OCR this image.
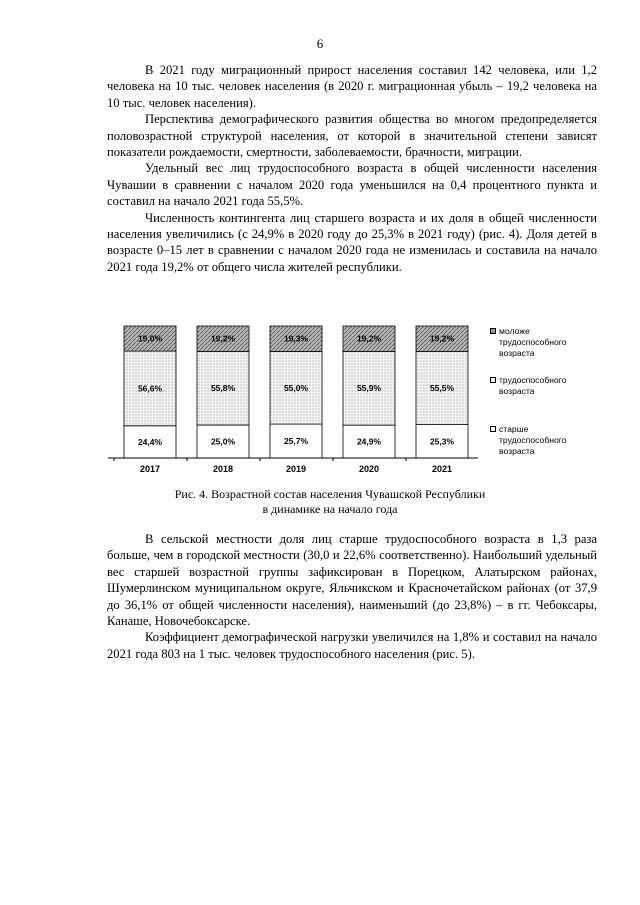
6

В 2021 году миграционный прирост населения составил 142 человека, или 1,2 человека на 10 тыс. человек населения (в 2020 г. миграционная убыль – 19,2 человека на 10 тыс. человек населения).

Перспектива демографического развития общества во многом предопределяется половозрастной структурой населения, от которой в значительной степени зависят показатели рождаемости, смертности, заболеваемости, брачности, миграции.

Удельный вес лиц трудоспособного возраста в общей численности населения Чувашии в сравнении с началом 2020 года уменьшился на 0,4 процентного пункта и составил на начало 2021 года 55,5%.

Численность контингента лиц старшего возраста и их доля в общей численности населения увеличились (с 24,9% в 2020 году до 25,3% в 2021 году) (рис. 4). Доля детей в возрасте 0–15 лет в сравнении с началом 2020 года не изменилась и составила на начало 2021 года 19,2% от общего числа жителей республики.

24,4%
56,6%
19,0%
25,0%
55,8%
19,2%
25,7%
55,0%
19,3%
24,9%
55,9%
19,2%
25,3%
55,5%
19,2%
2017	2018	2019	2020	2021
моложе
трудоспособного
возраста
трудоспособного
возраста
старше
трудоспособного
возраста
Рис. 4. Возрастной состав населения Чувашской Республики
в динамике на начало года

В сельской местности доля лиц старше трудоспособного возраста в 1,3 раза больше, чем в городской местности (30,0 и 22,6% соответственно). Наибольший удельный вес старшей возрастной группы зафиксирован в Порецком, Алатырском районах, Шумерлинском муниципальном округе, Яльчикском и Красночетайском районах (от 37,9 до 36,1% от общей численности населения), наименьший (до 23,8%) – в гг. Чебоксары, Канаше, Новочебоксарске.

Коэффициент демографической нагрузки увеличился на 1,8% и составил на начало 2021 года 803 на 1 тыс. человек трудоспособного населения (рис. 5).
